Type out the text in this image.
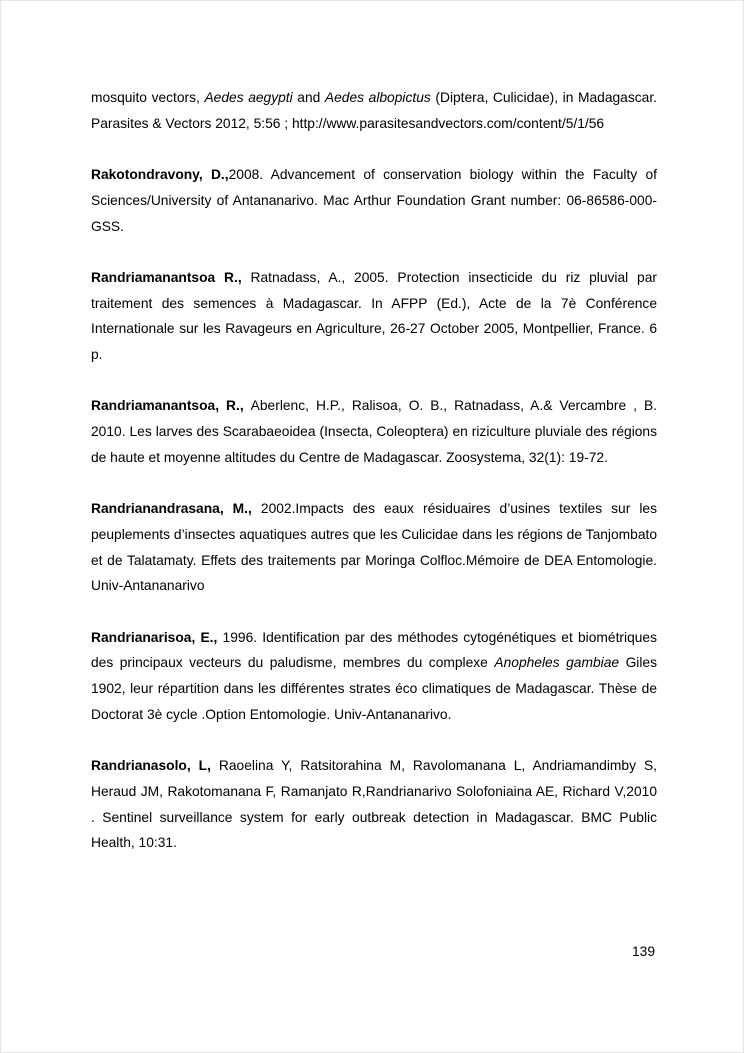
mosquito vectors, Aedes aegypti and Aedes albopictus (Diptera, Culicidae), in Madagascar. Parasites & Vectors 2012, 5:56 ; http://www.parasitesandvectors.com/content/5/1/56

Rakotondravony, D.,2008. Advancement of conservation biology within the Faculty of Sciences/University of Antananarivo. Mac Arthur Foundation Grant number: 06-86586-000-GSS.

Randriamanantsoa R., Ratnadass, A., 2005. Protection insecticide du riz pluvial par traitement des semences à Madagascar. In AFPP (Ed.), Acte de la 7è Conférence Internationale sur les Ravageurs en Agriculture, 26-27 October 2005, Montpellier, France. 6 p.

Randriamanantsoa, R., Aberlenc, H.P., Ralisoa, O. B., Ratnadass, A.& Vercambre , B. 2010. Les larves des Scarabaeoidea (Insecta, Coleoptera) en riziculture pluviale des régions de haute et moyenne altitudes du Centre de Madagascar. Zoosystema, 32(1): 19-72.

Randrianandrasana, M., 2002.Impacts des eaux résiduaires d’usines textiles sur les peuplements d’insectes aquatiques autres que les Culicidae dans les régions de Tanjombato et de Talatamaty. Effets des traitements par Moringa Colfloc.Mémoire de DEA Entomologie. Univ-Antananarivo

Randrianarisoa, E., 1996. Identification par des méthodes cytogénétiques et biométriques des principaux vecteurs du paludisme, membres du complexe Anopheles gambiae Giles 1902, leur répartition dans les différentes strates éco climatiques de Madagascar. Thèse de Doctorat 3è cycle .Option Entomologie. Univ-Antananarivo.

Randrianasolo, L, Raoelina Y, Ratsitorahina M, Ravolomanana L, Andriamandimby S, Heraud JM, Rakotomanana F, Ramanjato R,Randrianarivo Solofoniaina AE, Richard V,2010 . Sentinel surveillance system for early outbreak detection in Madagascar. BMC Public Health, 10:31.

139
